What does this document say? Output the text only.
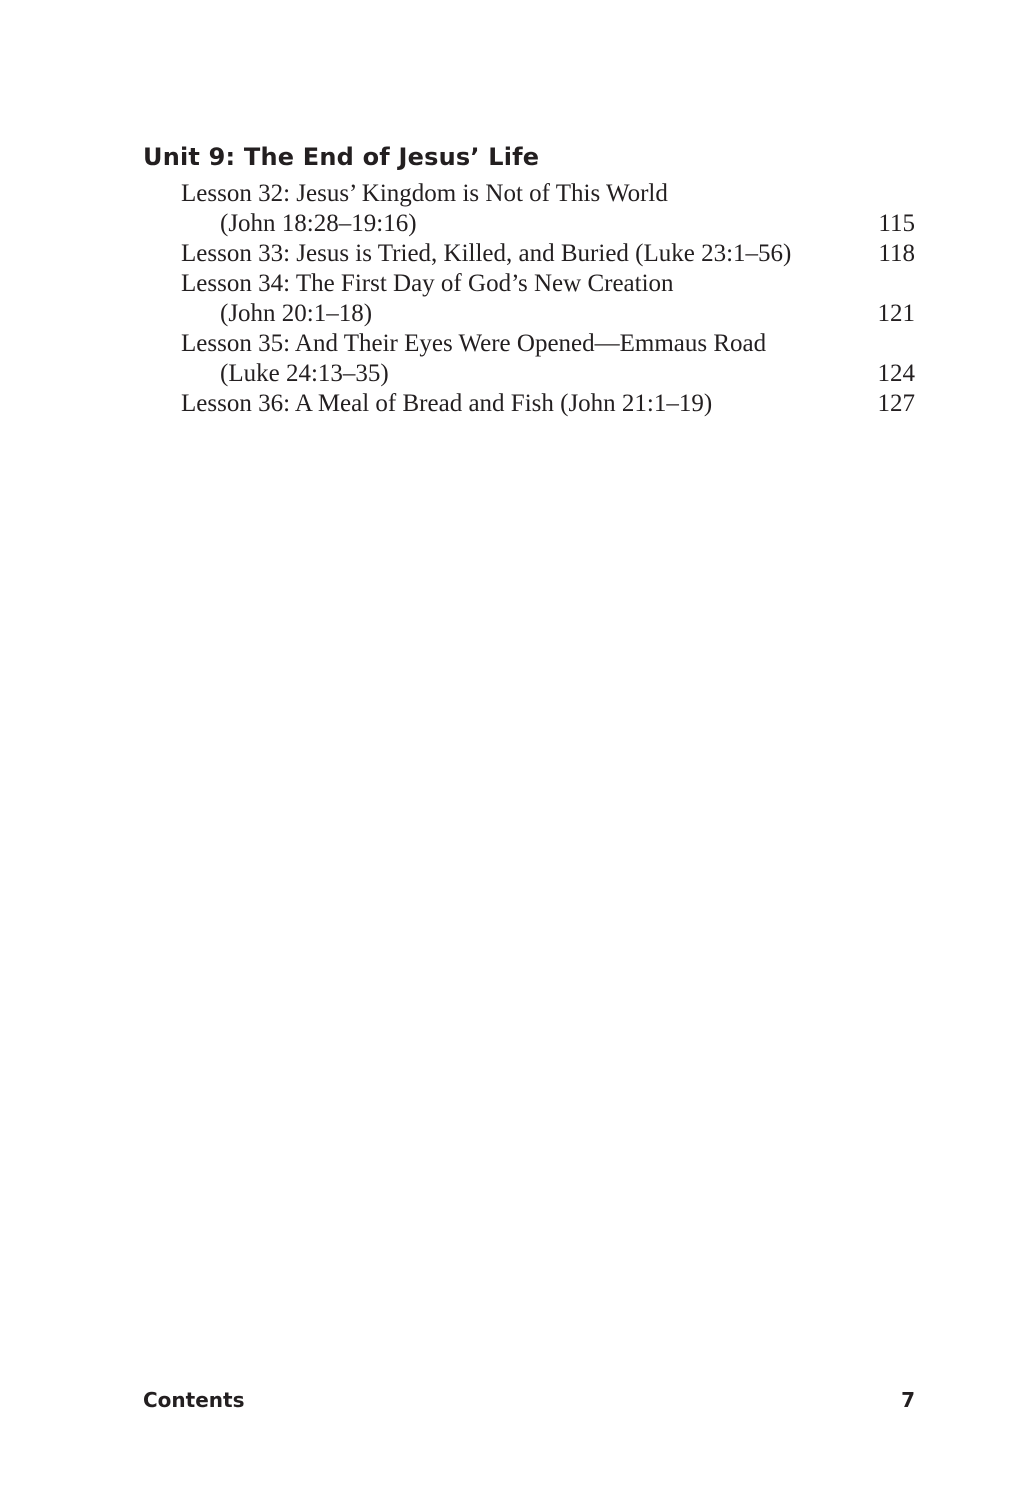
Unit 9: The End of Jesus’ Life
Lesson 32: Jesus’ Kingdom is Not of This World
(John 18:28–19:16)	115
Lesson 33: Jesus is Tried, Killed, and Buried (Luke 23:1–56)	118
Lesson 34: The First Day of God’s New Creation
(John 20:1–18)	121
Lesson 35: And Their Eyes Were Opened—Emmaus Road
(Luke 24:13–35)	124
Lesson 36: A Meal of Bread and Fish (John 21:1–19)	127
Contents	7
